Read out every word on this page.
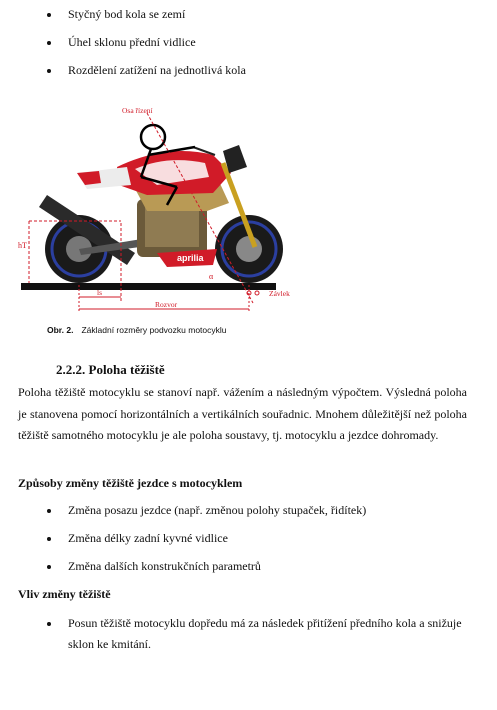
Styčný bod kola se zemí
Úhel sklonu přední vidlice
Rozdělení zatížení na jednotlivá kola
aprilia
Osa řízení
hT
ls
Rozvor
α
Závlek
Obr. 2. Základní rozměry podvozku motocyklu
2.2.2. Poloha těžiště
Poloha těžiště motocyklu se stanoví např. vážením a následným výpočtem. Výsledná poloha je stanovena pomocí horizontálních a vertikálních souřadnic. Mnohem důležitější než poloha těžiště samotného motocyklu je ale poloha soustavy, tj. motocyklu a jezdce dohromady.
Způsoby změny těžiště jezdce s motocyklem
Změna posazu jezdce (např. změnou polohy stupaček, řidítek)
Změna délky zadní kyvné vidlice
Změna dalších konstrukčních parametrů
Vliv změny těžiště
Posun těžiště motocyklu dopředu má za následek přitížení předního kola a snižuje sklon ke kmitání.
